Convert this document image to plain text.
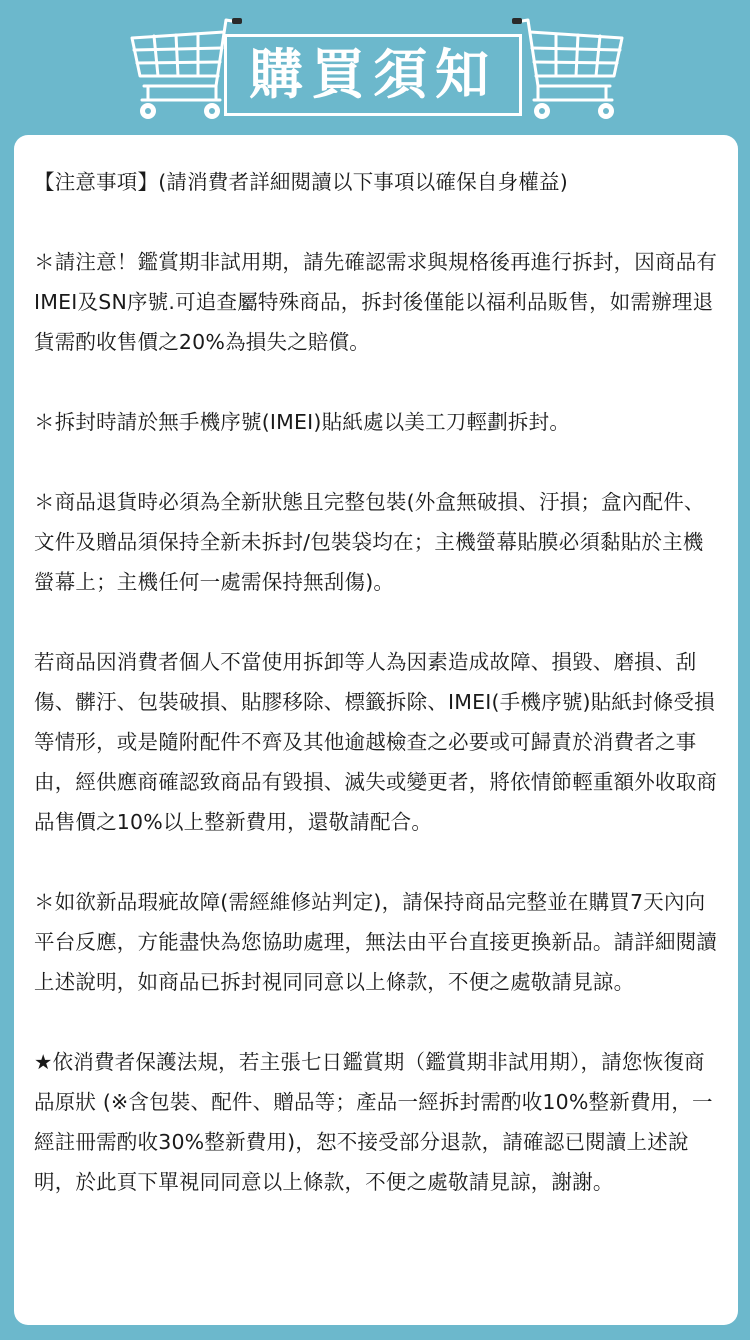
購買須知

【注意事項】(請消費者詳細閱讀以下事項以確保自身權益)

＊請注意！鑑賞期非試用期，請先確認需求與規格後再進行拆封，因商品有IMEI及SN序號.可追查屬特殊商品，拆封後僅能以福利品販售，如需辦理退貨需酌收售價之20%為損失之賠償。

＊拆封時請於無手機序號(IMEI)貼紙處以美工刀輕劃拆封。

＊商品退貨時必須為全新狀態且完整包裝(外盒無破損、汙損；盒內配件、文件及贈品須保持全新未拆封/包裝袋均在；主機螢幕貼膜必須黏貼於主機螢幕上；主機任何一處需保持無刮傷)。

若商品因消費者個人不當使用拆卸等人為因素造成故障、損毀、磨損、刮傷、髒汙、包裝破損、貼膠移除、標籤拆除、IMEI(手機序號)貼紙封條受損等情形，或是隨附配件不齊及其他逾越檢查之必要或可歸責於消費者之事由，經供應商確認致商品有毀損、滅失或變更者，將依情節輕重額外收取商品售價之10%以上整新費用，還敬請配合。

＊如欲新品瑕疵故障(需經維修站判定)，請保持商品完整並在購買7天內向平台反應，方能盡快為您協助處理，無法由平台直接更換新品。請詳細閱讀上述說明，如商品已拆封視同同意以上條款，不便之處敬請見諒。

★依消費者保護法規，若主張七日鑑賞期（鑑賞期非試用期），請您恢復商品原狀 (※含包裝、配件、贈品等；產品一經拆封需酌收10%整新費用，一經註冊需酌收30%整新費用)，恕不接受部分退款，請確認已閱讀上述說明，於此頁下單視同同意以上條款，不便之處敬請見諒，謝謝。
